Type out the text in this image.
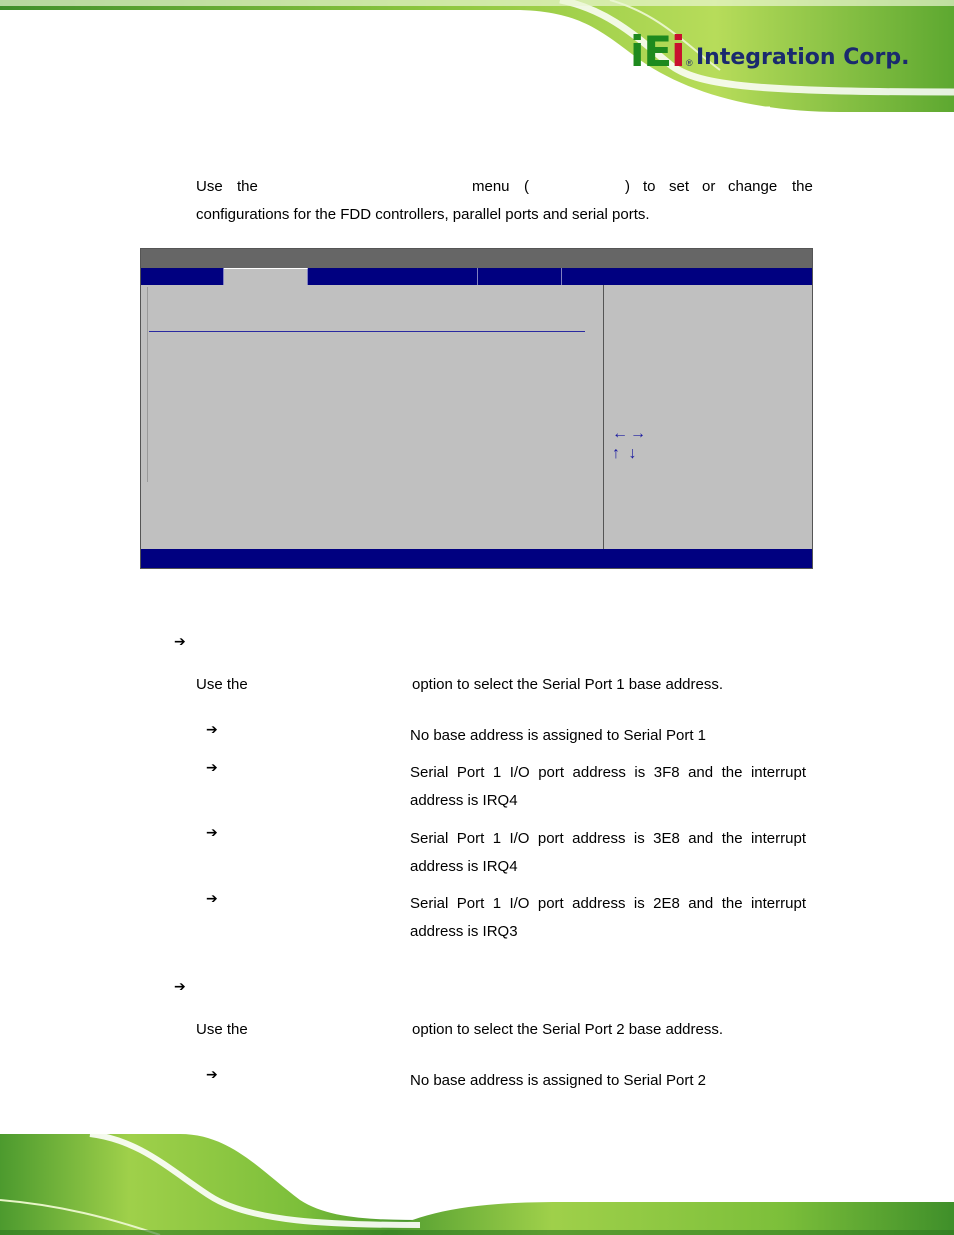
iEi ® Integration Corp.
Use the	menu (	) to set or change the
configurations for the FDD controllers, parallel ports and serial ports.
←→
↑ ↓
➔
Use the	option to select the Serial Port 1 base address.
➔	No base address is assigned to Serial Port 1
➔	Serial Port 1 I/O port address is 3F8 and the interrupt
address is IRQ4
➔	Serial Port 1 I/O port address is 3E8 and the interrupt
address is IRQ4
➔	Serial Port 1 I/O port address is 2E8 and the interrupt
address is IRQ3
➔
Use the	option to select the Serial Port 2 base address.
➔	No base address is assigned to Serial Port 2
